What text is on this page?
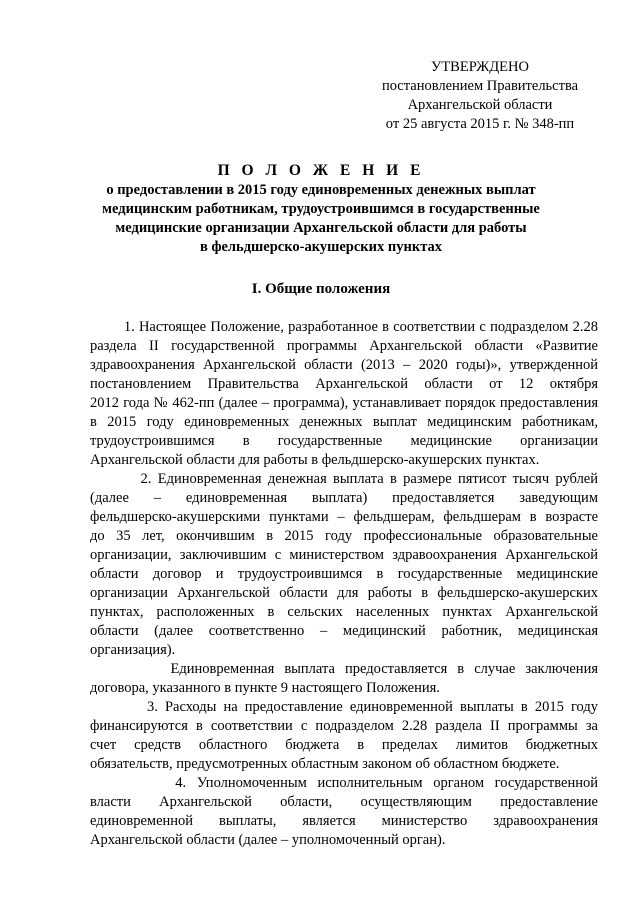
УТВЕРЖДЕНО
постановлением Правительства
Архангельской области
от 25 августа 2015 г. № 348-пп
П О Л О Ж Е Н И Е
о предоставлении в 2015 году единовременных денежных выплат
медицинским работникам, трудоустроившимся в государственные
медицинские организации Архангельской области для работы
в фельдшерско-акушерских пунктах
I. Общие положения
1. Настоящее Положение, разработанное в соответствии с подразделом 2.28
раздела II государственной программы Архангельской области «Развитие
здравоохранения Архангельской области (2013 – 2020 годы)», утвержденной
постановлением Правительства Архангельской области от 12 октября
2012 года № 462-пп (далее – программа), устанавливает порядок предоставления
в 2015 году единовременных денежных выплат медицинским работникам,
трудоустроившимся в государственные медицинские организации
Архангельской области для работы в фельдшерско-акушерских пунктах.
2. Единовременная денежная выплата в размере пятисот тысяч рублей
(далее – единовременная выплата) предоставляется заведующим
фельдшерско-акушерскими пунктами – фельдшерам, фельдшерам в возрасте
до 35 лет, окончившим в 2015 году профессиональные образовательные
организации, заключившим с министерством здравоохранения Архангельской
области договор и трудоустроившимся в государственные медицинские
организации Архангельской области для работы в фельдшерско-акушерских
пунктах, расположенных в сельских населенных пунктах Архангельской
области (далее соответственно – медицинский работник, медицинская
организация).
Единовременная выплата предоставляется в случае заключения
договора, указанного в пункте 9 настоящего Положения.
3. Расходы на предоставление единовременной выплаты в 2015 году
финансируются в соответствии с подразделом 2.28 раздела II программы за
счет средств областного бюджета в пределах лимитов бюджетных
обязательств, предусмотренных областным законом об областном бюджете.
4. Уполномоченным исполнительным органом государственной
власти Архангельской области, осуществляющим предоставление
единовременной выплаты, является министерство здравоохранения
Архангельской области (далее – уполномоченный орган).
